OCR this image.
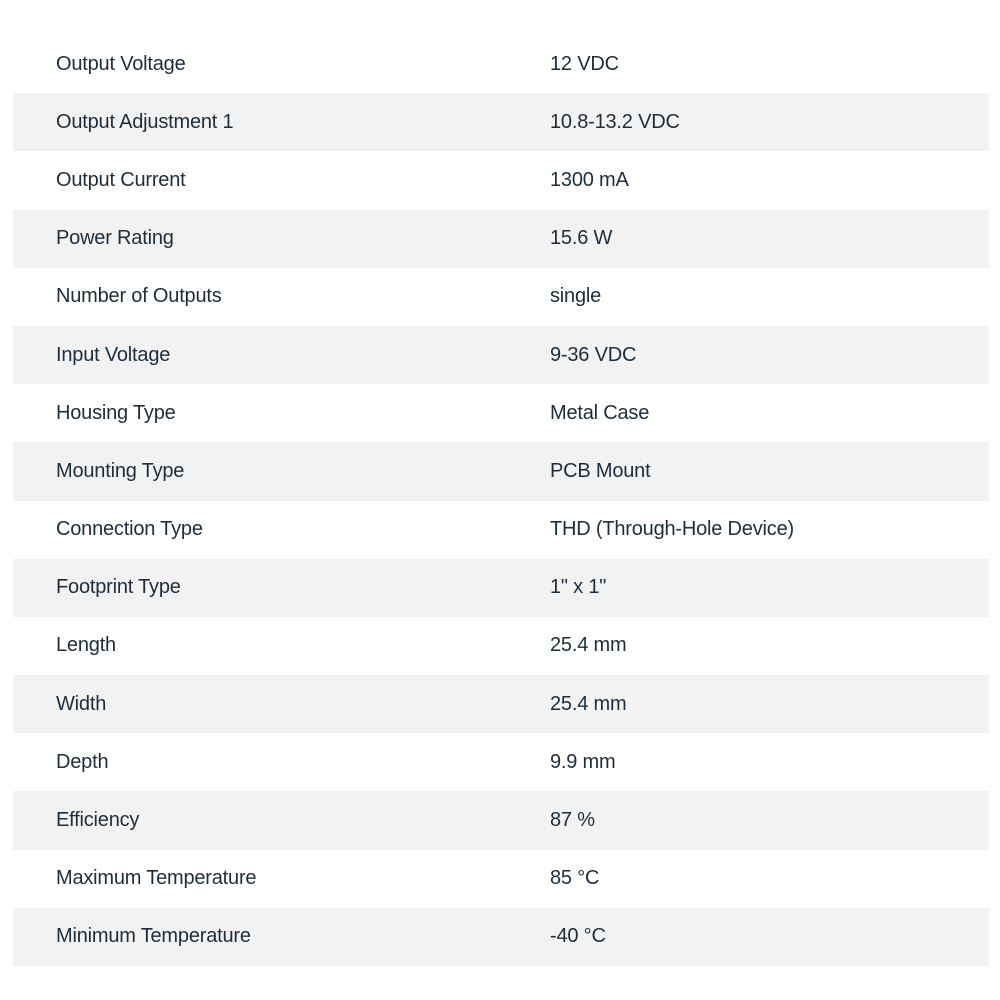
Output Voltage	12 VDC
Output Adjustment 1	10.8-13.2 VDC
Output Current	1300 mA
Power Rating	15.6 W
Number of Outputs	single
Input Voltage	9-36 VDC
Housing Type	Metal Case
Mounting Type	PCB Mount
Connection Type	THD (Through-Hole Device)
Footprint Type	1" x 1"
Length	25.4 mm
Width	25.4 mm
Depth	9.9 mm
Efficiency	87 %
Maximum Temperature	85 °C
Minimum Temperature	-40 °C
